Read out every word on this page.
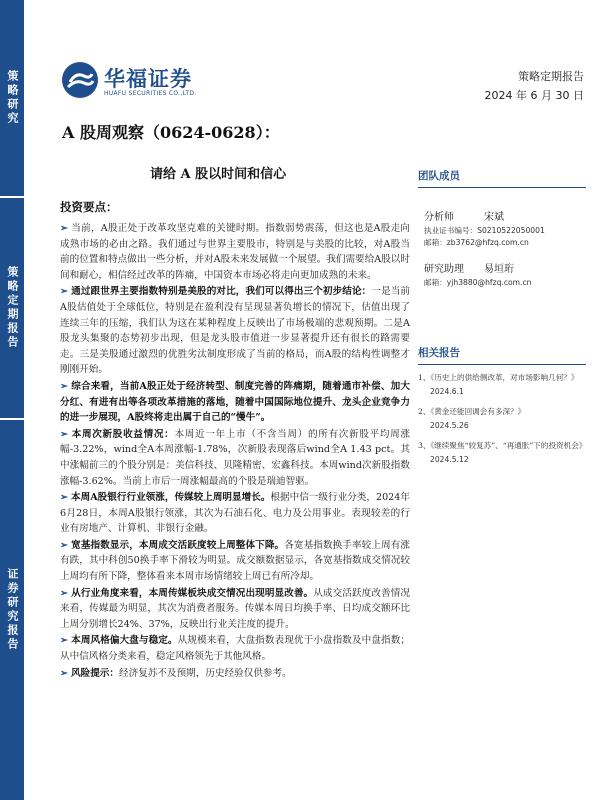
策略研究
策略定期报告
证券研究报告
华福证券
HUAFU SECURITIES CO.,LTD.
策略定期报告
2024 年 6 月 30 日
A 股周观察（0624-0628）：
请给 A 股以时间和信心
投资要点：

➢ 当前，A股正处于改革攻坚克难的关键时期。指数弱势震荡，但这也是A股走向成熟市场的必由之路。我们通过与世界主要股市，特别是与美股的比较，对A股当前的位置和特点做出一些分析，并对A股未来发展做一个展望。我们需要给A股以时间和耐心，相信经过改革的阵痛，中国资本市场必将走向更加成熟的未来。

➢ 通过跟世界主要指数特别是美股的对比，我们可以得出三个初步结论：一是当前A股估值处于全球低位，特别是在盈利没有呈现显著负增长的情况下，估值出现了连续三年的压缩，我们认为这在某种程度上反映出了市场极端的悲观预期。二是A股龙头集聚的态势初步出现，但是龙头股市值进一步显著提升还有很长的路需要走。三是美股通过激烈的优胜劣汰制度形成了当前的格局，而A股的结构性调整才刚刚开始。

➢ 综合来看，当前A股正处于经济转型、制度完善的阵痛期，随着通市补偿、加大分红、有进有出等各项改革措施的落地，随着中国国际地位提升、龙头企业竞争力的进一步展现，A股终将走出属于自己的“慢牛”。

➢ 本周次新股收益情况：本周近一年上市（不含当周）的所有次新股平均周涨幅-3.22%，wind全A本周涨幅-1.78%，次新股表现落后wind全A 1.43 pct。其中涨幅前三的个股分别是：美信科技、贝隆精密、宏鑫科技。本周wind次新股指数涨幅-3.62%。当前上市后一周涨幅最高的个股是瑞迪智驱。

➢ 本周A股银行行业领涨，传媒较上周明显增长。根据中信一级行业分类，2024年6月28日，本周A股银行领涨，其次为石油石化、电力及公用事业。表现较差的行业有房地产、计算机、非银行金融。

➢ 宽基指数显示，本周成交活跃度较上周整体下降。各宽基指数换手率较上周有涨有跌，其中科创50换手率下滑较为明显。成交额数据显示，各宽基指数成交情况较上周均有所下降，整体看来本周市场情绪较上周已有所冷却。

➢ 从行业角度来看，本周传媒板块成交情况出现明显改善。从成交活跃度改善情况来看，传媒最为明显，其次为消费者服务。传媒本周日均换手率、日均成交额环比上周分别增长24%、37%，反映出行业关注度的提升。

➢ 本周风格偏大盘与稳定。从规模来看，大盘指数表现优于小盘指数及中盘指数；从中信风格分类来看，稳定风格领先于其他风格。

➢ 风险提示：经济复苏不及预期，历史经验仅供参考。

团队成员
分析师	宋斌
执业证书编号：S0210522050001
邮箱：zb3762@hfzq.com.cn
研究助理 易垣珩
邮箱：yjh3880@hfzq.com.cn
相关报告
1、《历史上的供给侧改革，对市场影响几何？》
2024.6.1
2、《黄金还能回调会有多深？》
2024.5.26
3、《继续聚焦“较复苏”、“再通胀”下的投资机会》
2024.5.12
